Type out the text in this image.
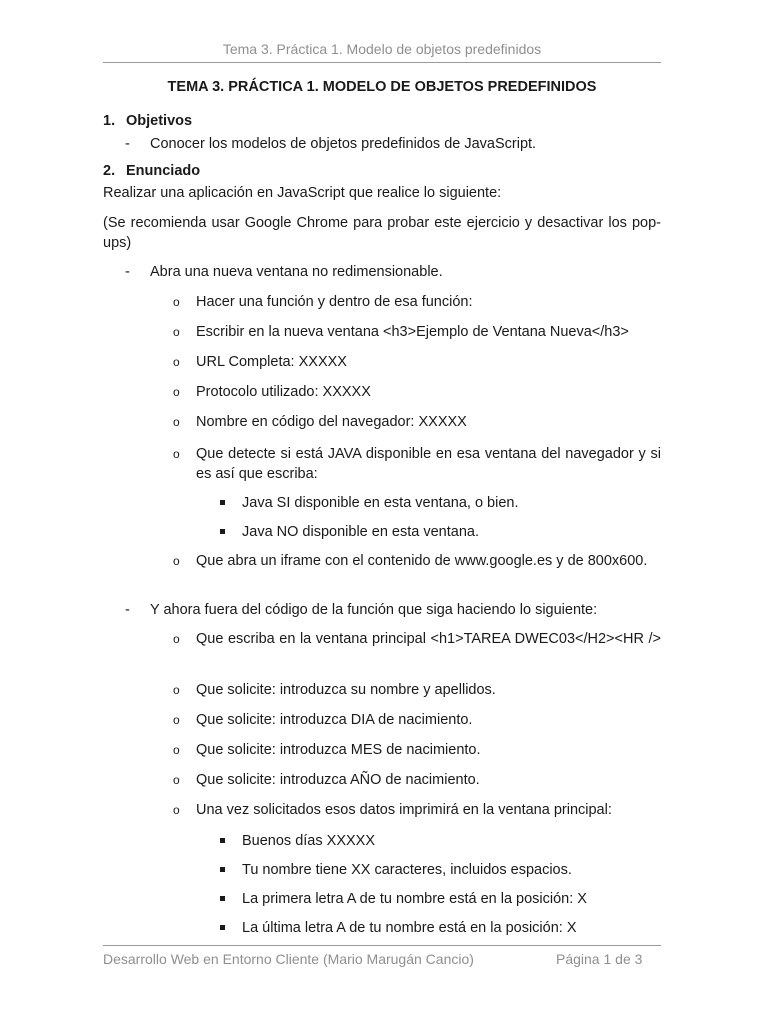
Tema 3. Práctica 1. Modelo de objetos predefinidos
TEMA 3. PRÁCTICA 1. MODELO DE OBJETOS PREDEFINIDOS
1. Objetivos
-	Conocer los modelos de objetos predefinidos de JavaScript.
2. Enunciado
Realizar una aplicación en JavaScript que realice lo siguiente:
(Se recomienda usar Google Chrome para probar este ejercicio y desactivar los pop-ups)
-	Abra una nueva ventana no redimensionable.
o Hacer una función y dentro de esa función:
o Escribir en la nueva ventana <h3>Ejemplo de Ventana Nueva</h3>
o URL Completa: XXXXX
o Protocolo utilizado: XXXXX
o Nombre en código del navegador: XXXXX
o Que detecte si está JAVA disponible en esa ventana del navegador y si es así que escriba:
Java SI disponible en esta ventana, o bien.
Java NO disponible en esta ventana.
o Que abra un iframe con el contenido de www.google.es y de 800x600.
-	Y ahora fuera del código de la función que siga haciendo lo siguiente:
o Que escriba en la ventana principal <h1>TAREA DWEC03</H2><HR />
o Que solicite: introduzca su nombre y apellidos.
o Que solicite: introduzca DIA de nacimiento.
o Que solicite: introduzca MES de nacimiento.
o Que solicite: introduzca AÑO de nacimiento.
o Una vez solicitados esos datos imprimirá en la ventana principal:
Buenos días XXXXX
Tu nombre tiene XX caracteres, incluidos espacios.
La primera letra A de tu nombre está en la posición: X
La última letra A de tu nombre está en la posición: X
Desarrollo Web en Entorno Cliente (Mario Marugán Cancio)	Página 1 de 3
